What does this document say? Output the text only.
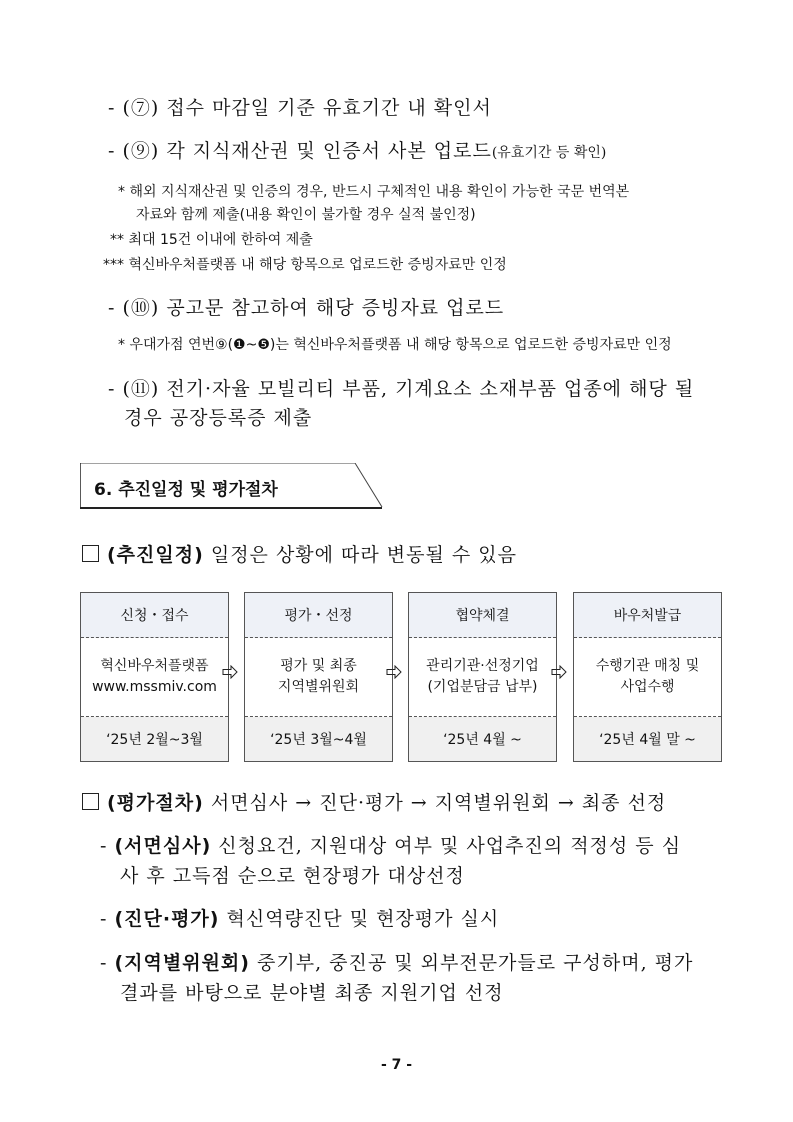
- (⑦) 접수 마감일 기준 유효기간 내 확인서
- (⑨) 각 지식재산권 및 인증서 사본 업로드(유효기간 등 확인)
* 해외 지식재산권 및 인증의 경우, 반드시 구체적인 내용 확인이 가능한 국문 번역본
자료와 함께 제출(내용 확인이 불가할 경우 실적 불인정)
** 최대 15건 이내에 한하여 제출
*** 혁신바우처플랫폼 내 해당 항목으로 업로드한 증빙자료만 인정
- (⑩) 공고문 참고하여 해당 증빙자료 업로드
* 우대가점 연번⑨(❶~❺)는 혁신바우처플랫폼 내 해당 항목으로 업로드한 증빙자료만 인정
- (⑪) 전기·자율 모빌리티 부품, 기계요소 소재부품 업종에 해당 될
경우 공장등록증 제출
6. 추진일정 및 평가절차
(추진일정) 일정은 상황에 따라 변동될 수 있음
신청・접수
혁신바우처플랫폼
www.mssmiv.com
‘25년 2월~3월
평가・선정
평가 및 최종
지역별위원회
‘25년 3월~4월
협약체결
관리기관·선정기업
(기업분담금 납부)
‘25년 4월 ~
바우처발급
수행기관 매칭 및
사업수행
‘25년 4월 말 ~
(평가절차) 서면심사 → 진단·평가 → 지역별위원회 → 최종 선정
- (서면심사) 신청요건, 지원대상 여부 및 사업추진의 적정성 등 심
사 후 고득점 순으로 현장평가 대상선정
- (진단·평가) 혁신역량진단 및 현장평가 실시
- (지역별위원회) 중기부, 중진공 및 외부전문가들로 구성하며, 평가
결과를 바탕으로 분야별 최종 지원기업 선정
- 7 -
